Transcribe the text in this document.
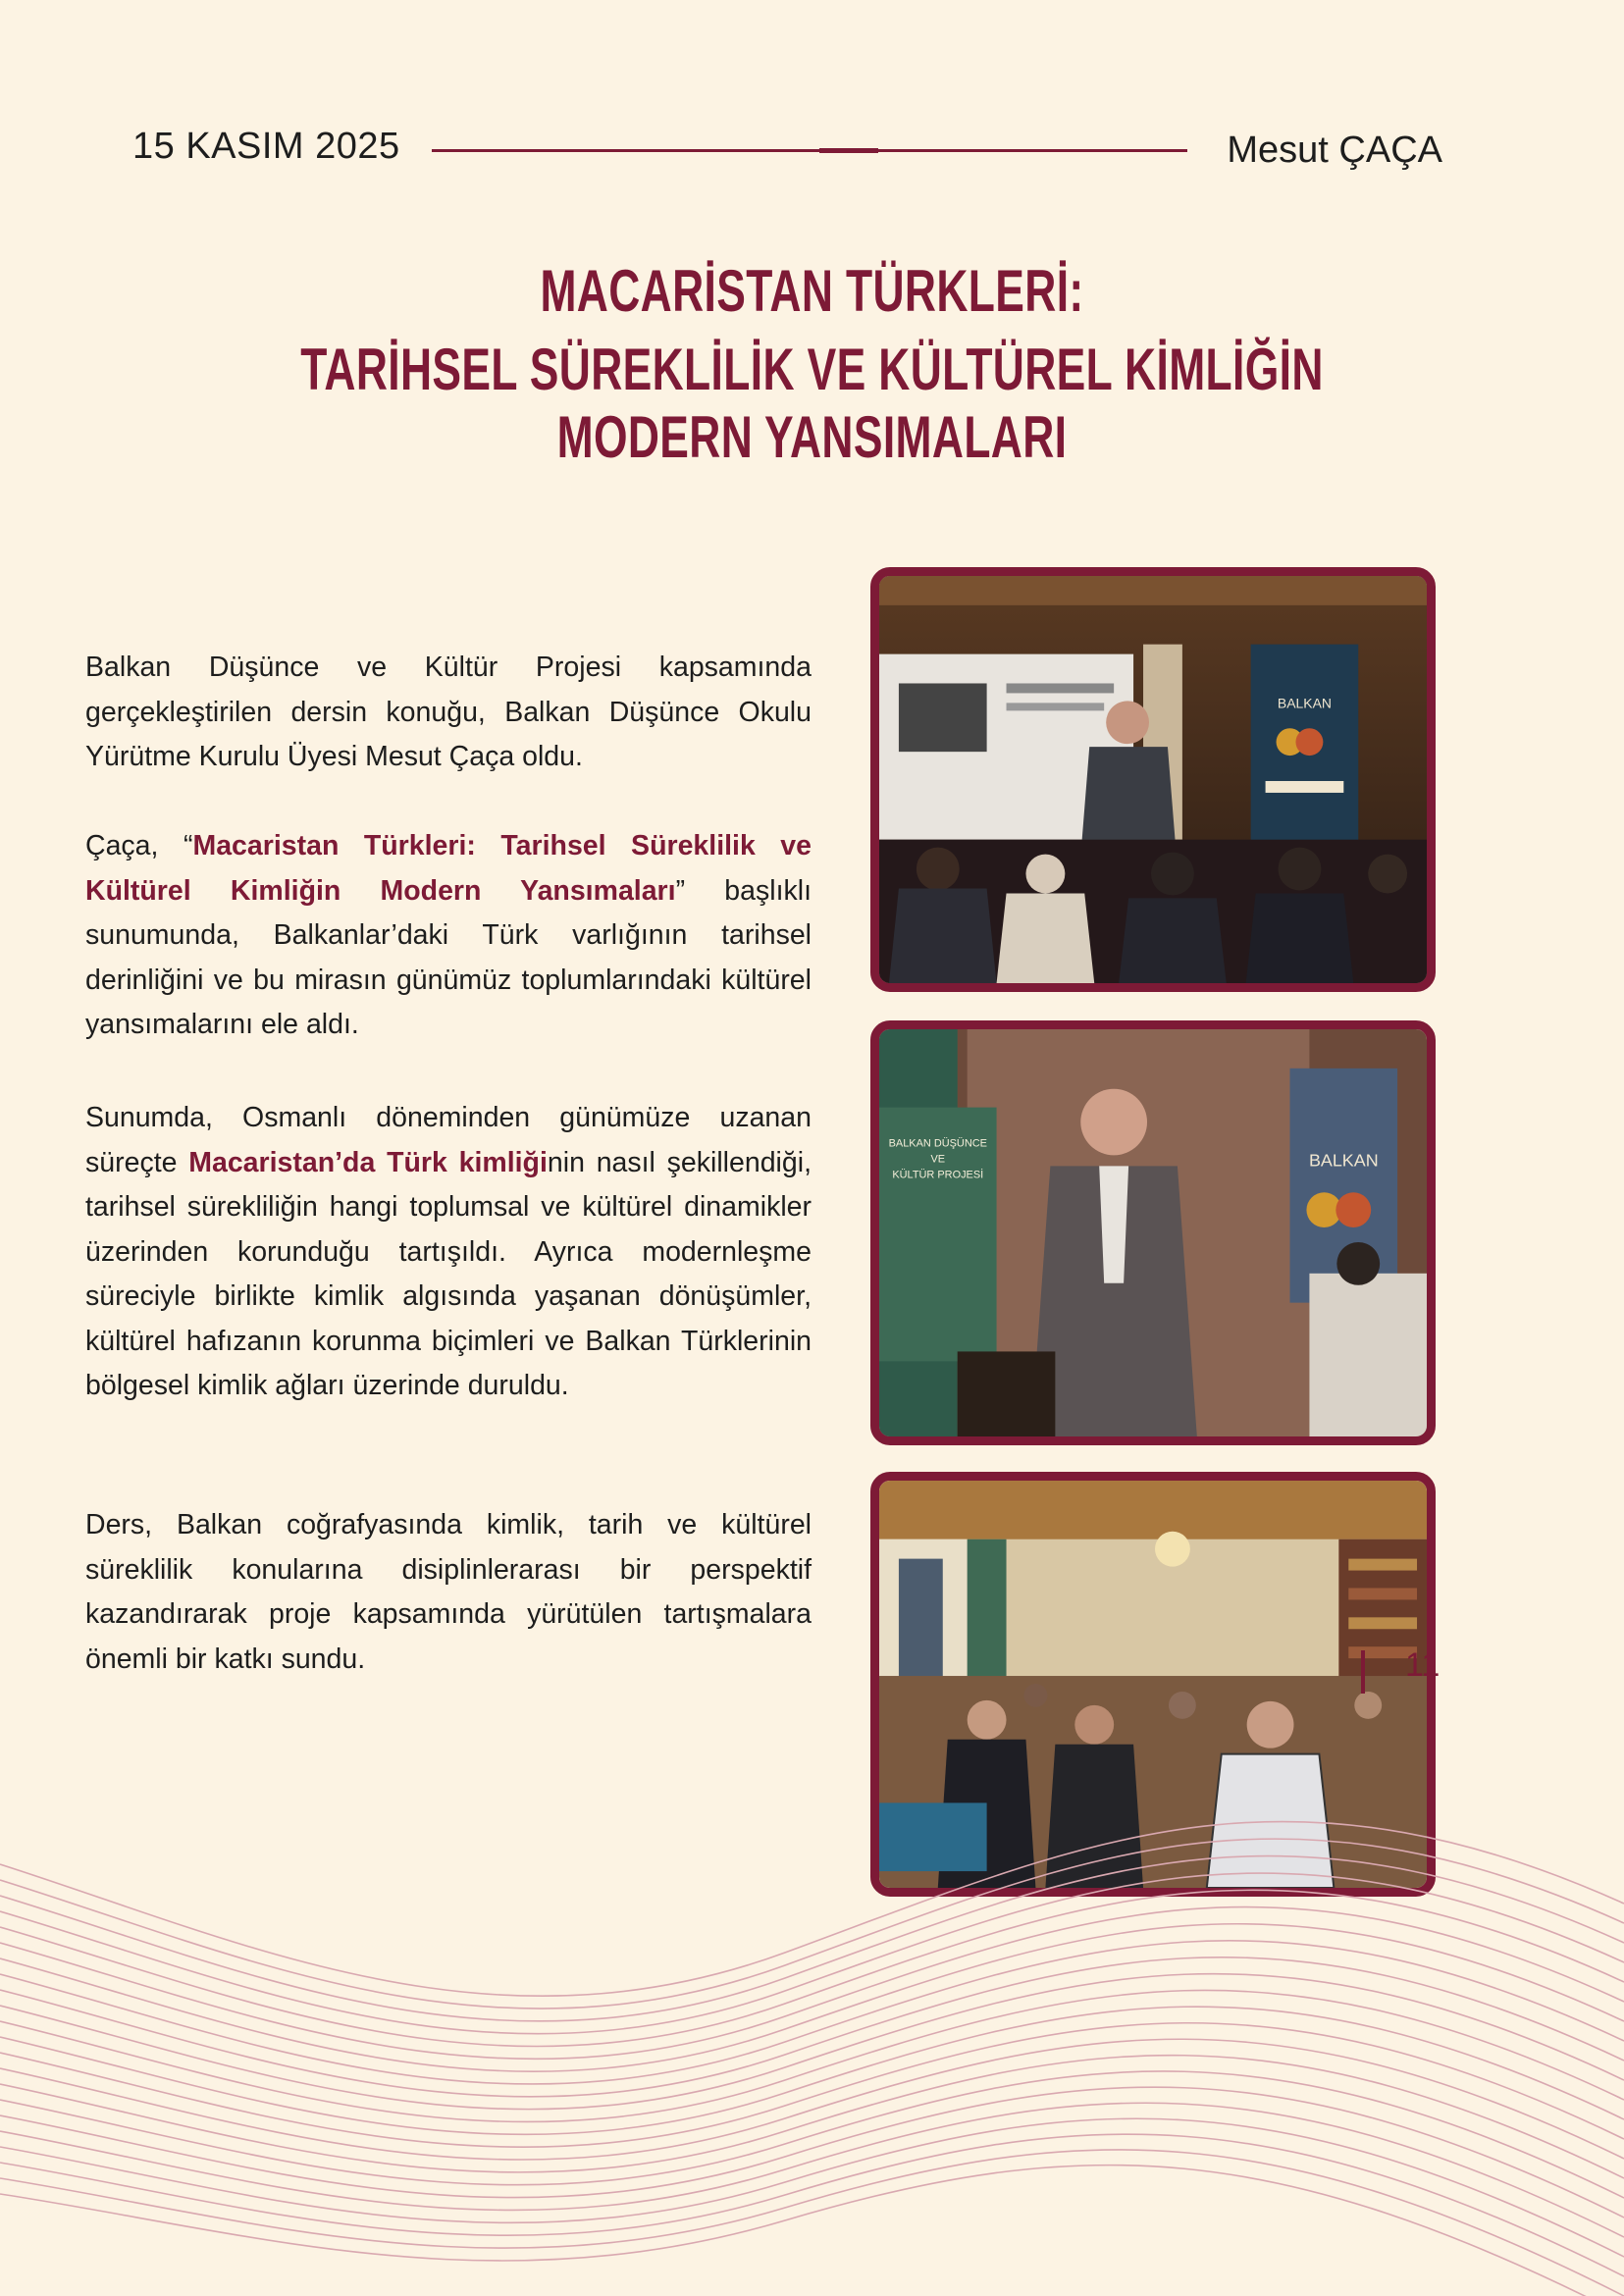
15 KASIM 2025	Mesut ÇAÇA
MACARİSTAN TÜRKLERİ:
TARİHSEL SÜREKLİLİK VE KÜLTÜREL KİMLİĞİN MODERN YANSIMALARI
Balkan Düşünce ve Kültür Projesi kapsamında gerçekleştirilen dersin konuğu, Balkan Düşünce Okulu Yürütme Kurulu Üyesi Mesut Çaça oldu.
Çaça, “Macaristan Türkleri: Tarihsel Süreklilik ve Kültürel Kimliğin Modern Yansımaları” başlıklı sunumunda, Balkanlar’daki Türk varlığının tarihsel derinliğini ve bu mirasın günümüz toplumlarındaki kültürel yansımalarını ele aldı.
Sunumda, Osmanlı döneminden günümüze uzanan süreçte Macaristan’da Türk kimliğinin nasıl şekillendiği, tarihsel sürekliliğin hangi toplumsal ve kültürel dinamikler üzerinden korunduğu tartışıldı. Ayrıca modernleşme süreciyle birlikte kimlik algısında yaşanan dönüşümler, kültürel hafızanın korunma biçimleri ve Balkan Türklerinin bölgesel kimlik ağları üzerinde duruldu.
Ders, Balkan coğrafyasında kimlik, tarih ve kültürel süreklilik konularına disiplinlerarası bir perspektif kazandırarak proje kapsamında yürütülen tartışmalara önemli bir katkı sundu.
BALKAN
BALKAN DÜŞÜNCE
VE
KÜLTÜR PROJESİ
BALKAN
11
